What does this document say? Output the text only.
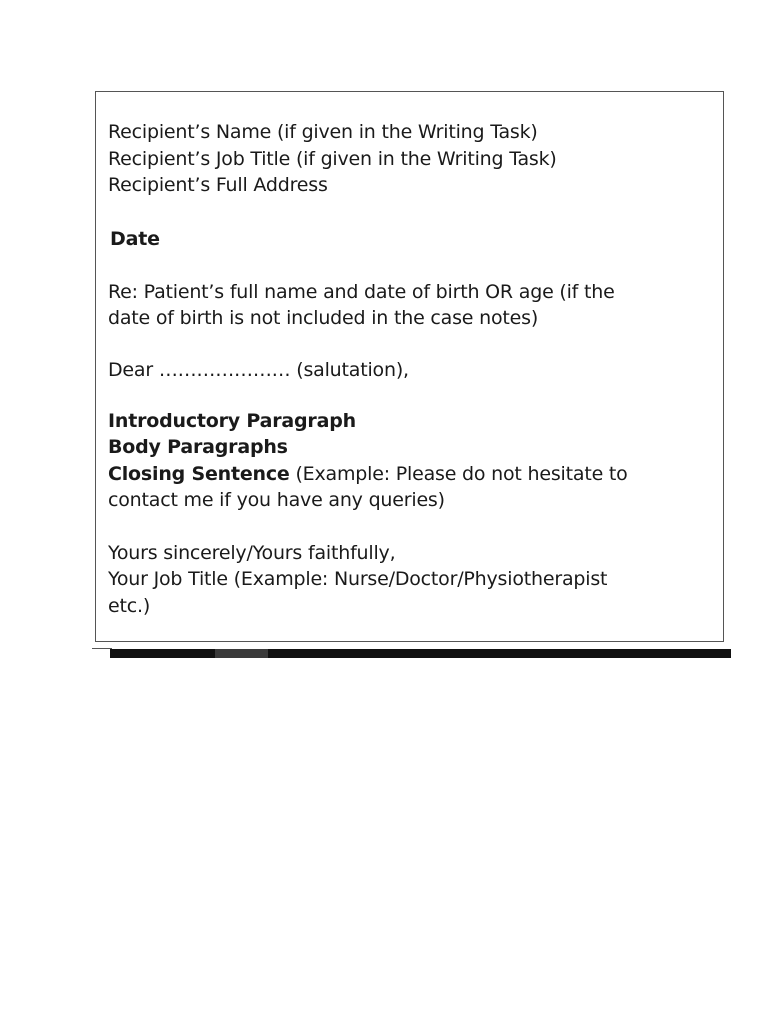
Recipient’s Name (if given in the Writing Task)
Recipient’s Job Title (if given in the Writing Task)
Recipient’s Full Address
Date
Re: Patient’s full name and date of birth OR age (if the
date of birth is not included in the case notes)
Dear ………………… (salutation),
Introductory Paragraph
Body Paragraphs
Closing Sentence (Example: Please do not hesitate to
contact me if you have any queries)
Yours sincerely/Yours faithfully,
Your Job Title (Example: Nurse/Doctor/Physiotherapist
etc.)
